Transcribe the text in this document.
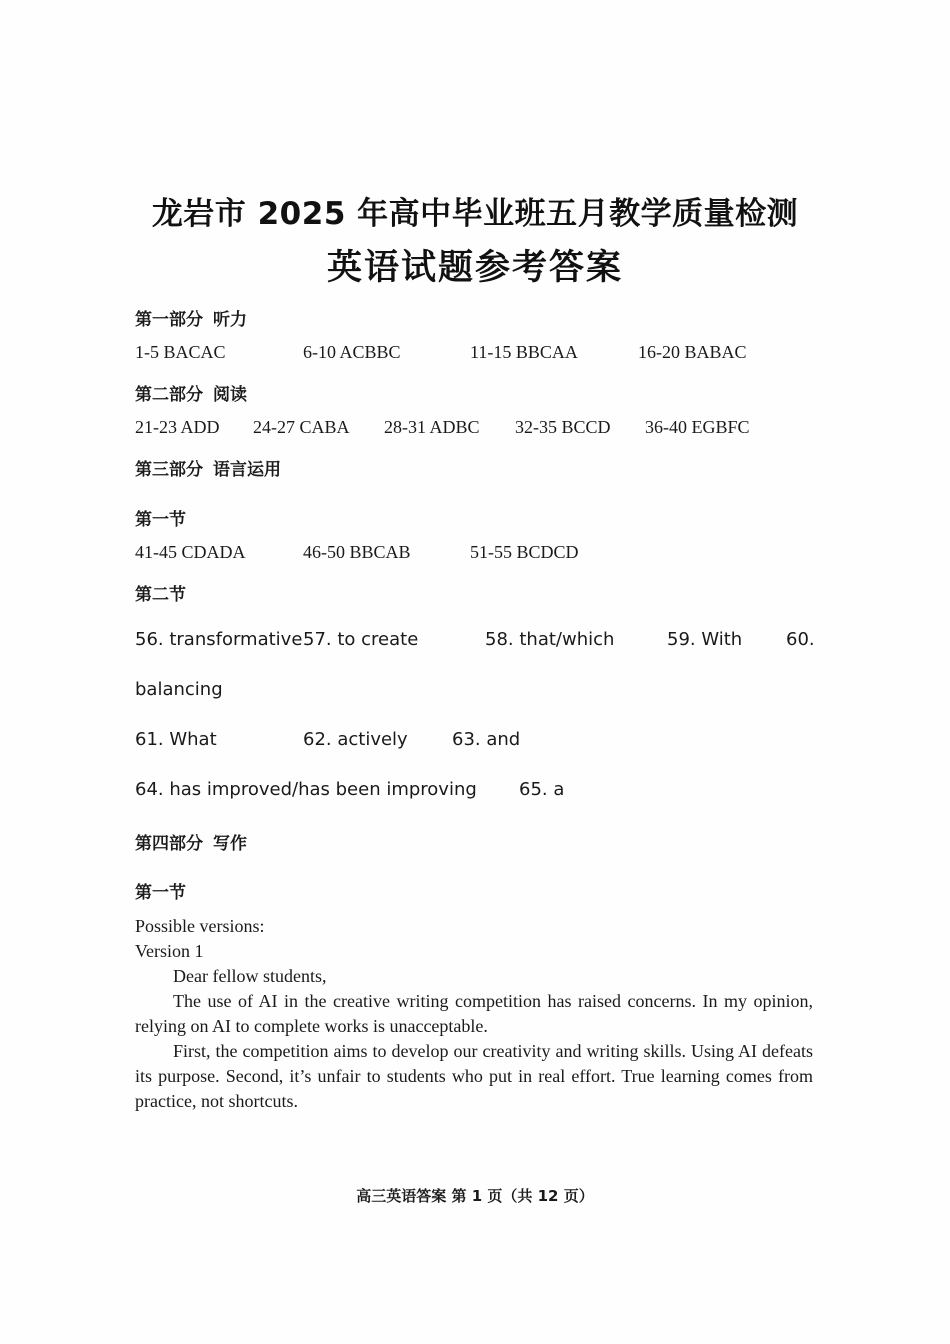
龙岩市 2025 年高中毕业班五月教学质量检测
英语试题参考答案
第一部分 听力
1-5 BACAC	6-10 ACBBC	11-15 BBCAA	16-20 BABAC
第二部分 阅读
21-23 ADD 24-27 CABA 28-31 ADBC 32-35 BCCD 36-40 EGBFC
第三部分 语言运用
第一节
41-45 CDADA	46-50 BBCAB	51-55 BCDCD
第二节
56. transformative 57. to create	58. that/which	59. With 60.
balancing
61. What	62. actively 63. and
64. has improved/has been improving 65. a
第四部分 写作
第一节

Possible versions:

Version 1

Dear fellow students,

The use of AI in the creative writing competition has raised concerns. In my opinion, relying on AI to complete works is unacceptable.

First, the competition aims to develop our creativity and writing skills. Using AI defeats its purpose. Second, it’s unfair to students who put in real effort. True learning comes from practice, not shortcuts.

高三英语答案 第 1 页（共 12 页）
